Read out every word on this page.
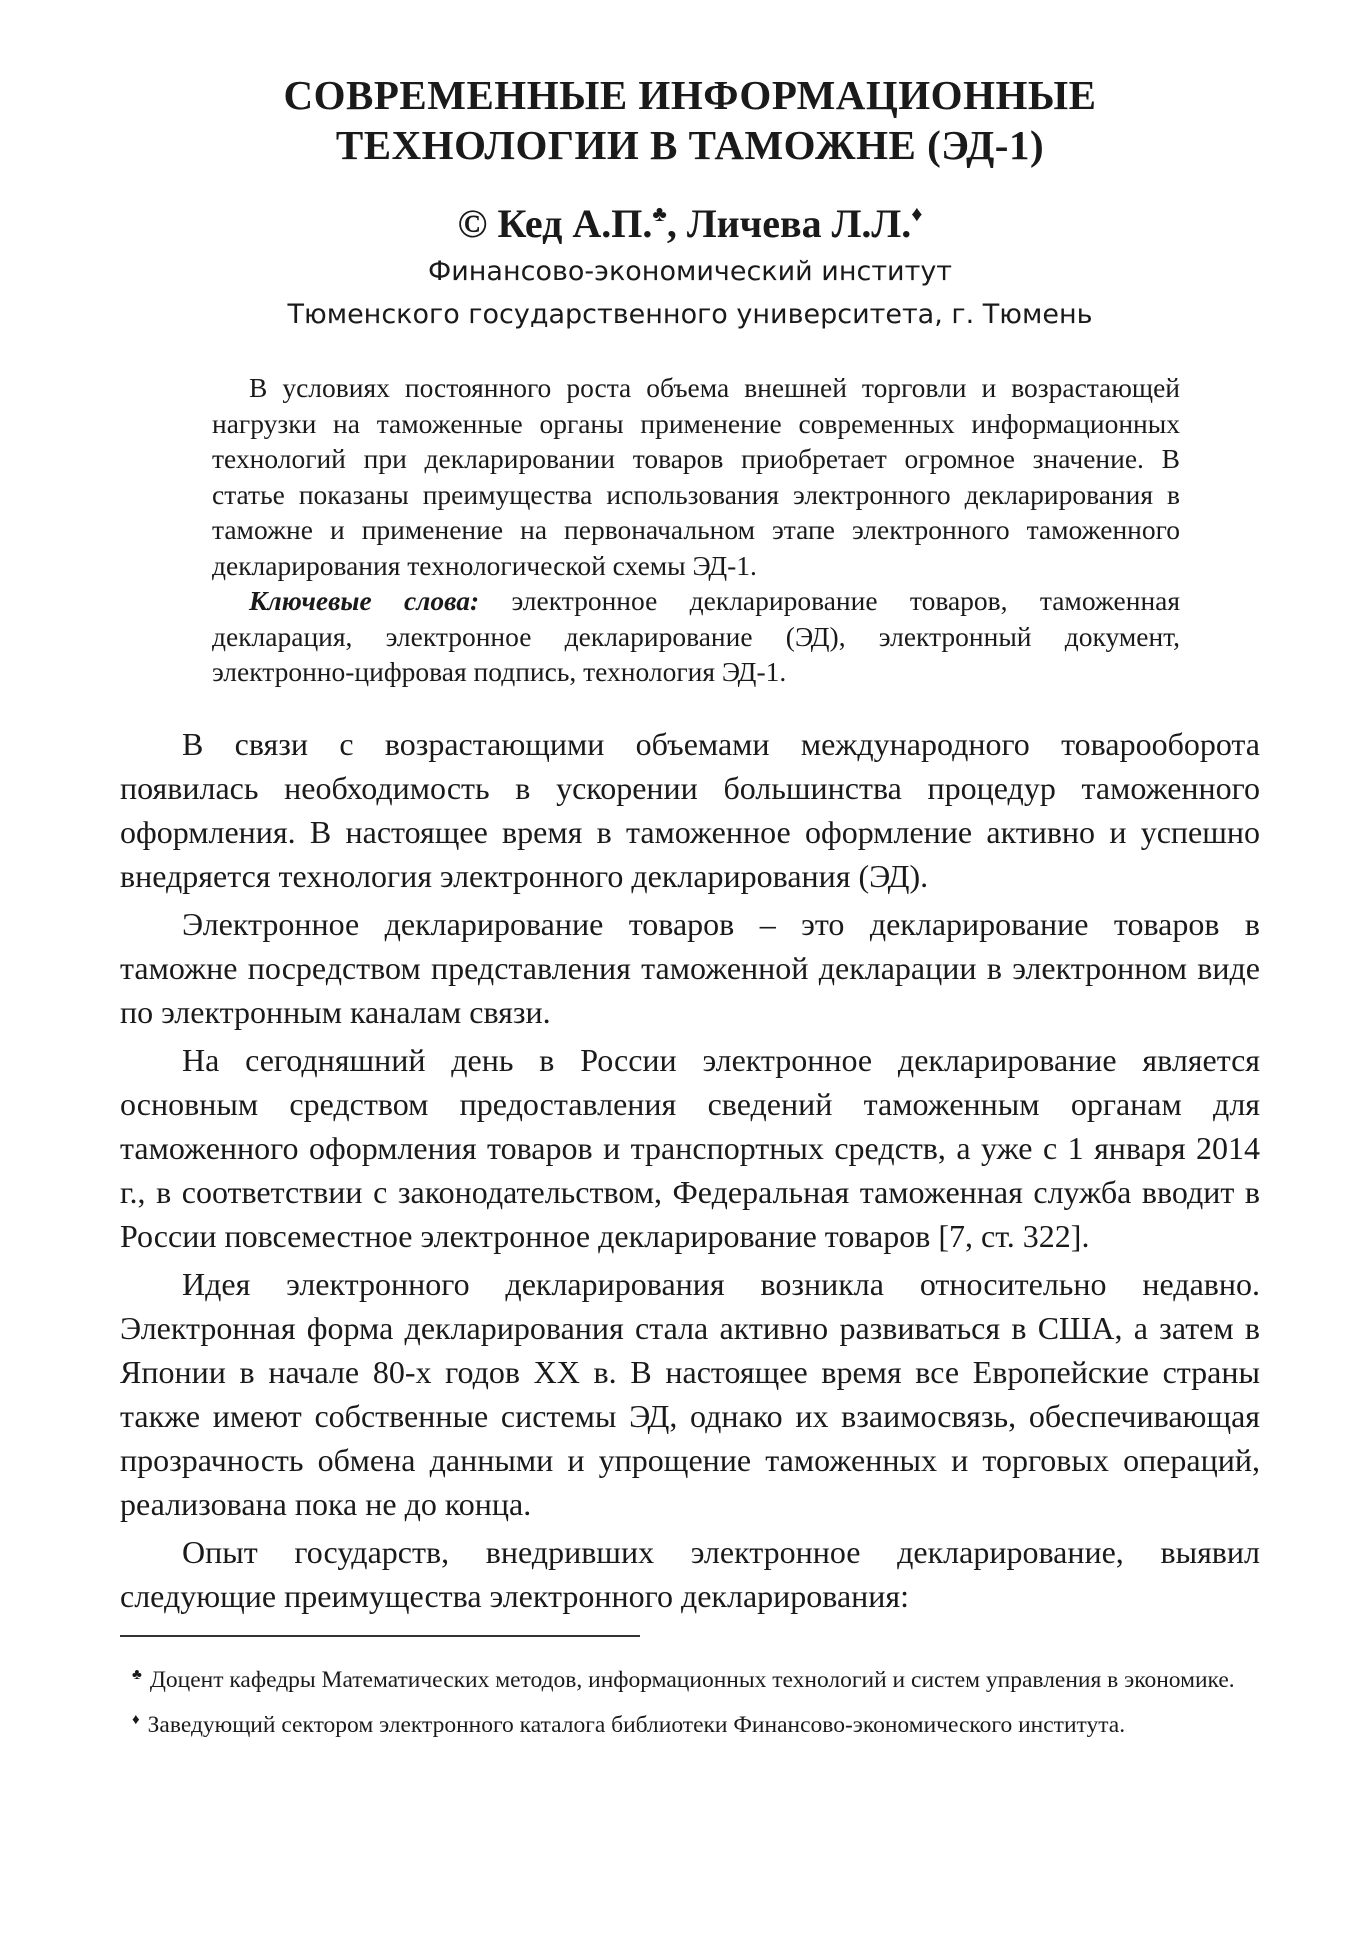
СОВРЕМЕННЫЕ ИНФОРМАЦИОННЫЕ
ТЕХНОЛОГИИ В ТАМОЖНЕ (ЭД-1)
© Кед А.П.♣, Личева Л.Л.♦
Финансово-экономический институт
Тюменского государственного университета, г. Тюмень

В условиях постоянного роста объема внешней торговли и возрастающей нагрузки на таможенные органы применение современных информационных технологий при декларировании товаров приобретает огромное значение. В статье показаны преимущества использования электронного декларирования в таможне и применение на первоначальном этапе электронного таможенного декларирования технологической схемы ЭД-1.

Ключевые слова: электронное декларирование товаров, таможенная декларация, электронное декларирование (ЭД), электронный документ, электронно-цифровая подпись, технология ЭД-1.

В связи с возрастающими объемами международного товарооборота появилась необходимость в ускорении большинства процедур таможенного оформления. В настоящее время в таможенное оформление активно и успешно внедряется технология электронного декларирования (ЭД).

Электронное декларирование товаров – это декларирование товаров в таможне посредством представления таможенной декларации в электронном виде по электронным каналам связи.

На сегодняшний день в России электронное декларирование является основным средством предоставления сведений таможенным органам для таможенного оформления товаров и транспортных средств, а уже с 1 января 2014 г., в соответствии с законодательством, Федеральная таможенная служба вводит в России повсеместное электронное декларирование товаров [7, ст. 322].

Идея электронного декларирования возникла относительно недавно. Электронная форма декларирования стала активно развиваться в США, а затем в Японии в начале 80-х годов XX в. В настоящее время все Европейские страны также имеют собственные системы ЭД, однако их взаимосвязь, обеспечивающая прозрачность обмена данными и упрощение таможенных и торговых операций, реализована пока не до конца.

Опыт государств, внедривших электронное декларирование, выявил следующие преимущества электронного декларирования:

♣ Доцент кафедры Математических методов, информационных технологий и систем управления в экономике.

♦ Заведующий сектором электронного каталога библиотеки Финансово-экономического института.
